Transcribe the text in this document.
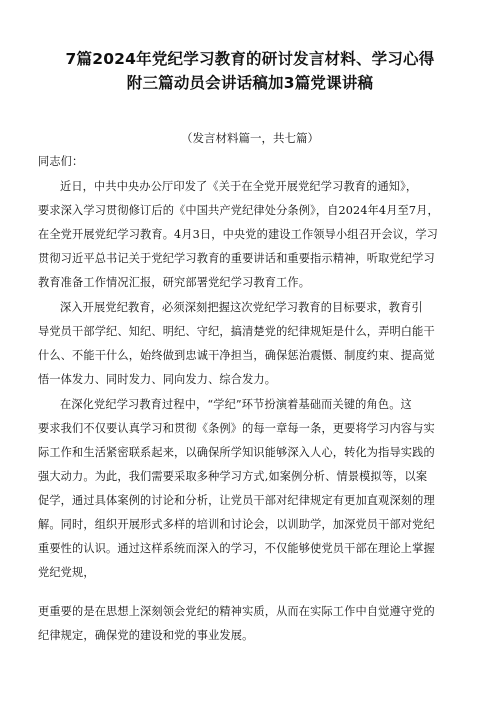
7篇2024年党纪学习教育的研讨发言材料、学习心得
附三篇动员会讲话稿加3篇党课讲稿
（发言材料篇一，共七篇）
同志们：
近日，中共中央办公厅印发了《关于在全党开展党纪学习教育的通知》，
要求深入学习贯彻修订后的《中国共产党纪律处分条例》，自2024年4月至7月，
在全党开展党纪学习教育。4月3日，中央党的建设工作领导小组召开会议，学习
贯彻习近平总书记关于党纪学习教育的重要讲话和重要指示精神，听取党纪学习
教育准备工作情况汇报，研究部署党纪学习教育工作。
深入开展党纪教育，必须深刻把握这次党纪学习教育的目标要求，教育引
导党员干部学纪、知纪、明纪、守纪，搞清楚党的纪律规矩是什么，弄明白能干
什么、不能干什么，始终做到忠诚干净担当，确保惩治震慑、制度约束、提高觉
悟一体发力、同时发力、同向发力、综合发力。
在深化党纪学习教育过程中，“学纪”环节扮演着基础而关键的角色。这
要求我们不仅要认真学习和贯彻《条例》的每一章每一条，更要将学习内容与实
际工作和生活紧密联系起来，以确保所学知识能够深入人心，转化为指导实践的
强大动力。为此，我们需要采取多种学习方式,如案例分析、情景模拟等，以案
促学，通过具体案例的讨论和分析，让党员干部对纪律规定有更加直观深刻的理
解。同时，组织开展形式多样的培训和讨论会，以训助学，加深党员干部对党纪
重要性的认识。通过这样系统而深入的学习，不仅能够使党员干部在理论上掌握
党纪党规，
更重要的是在思想上深刻领会党纪的精神实质，从而在实际工作中自觉遵守党的
纪律规定，确保党的建设和党的事业发展。
